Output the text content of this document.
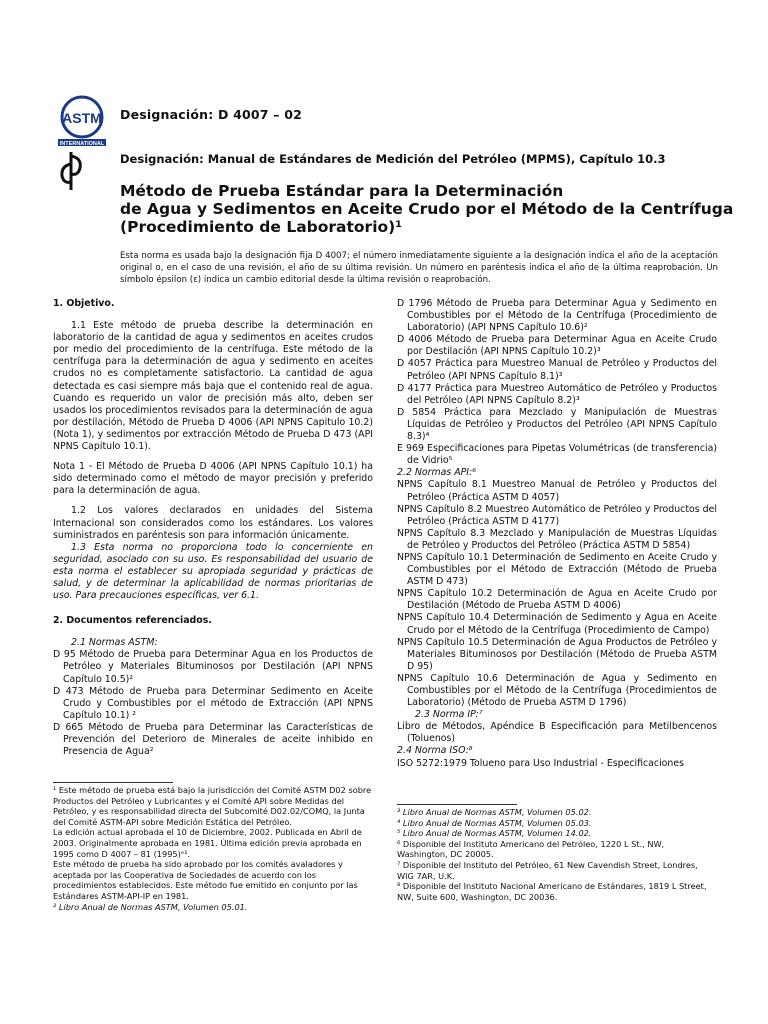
ASTM
INTERNATIONAL
Designación: D 4007 – 02
Designación: Manual de Estándares de Medición del Petróleo (MPMS), Capítulo 10.3
Método de Prueba Estándar para la Determinación
de Agua y Sedimentos en Aceite Crudo por el Método de la Centrífuga
(Procedimiento de Laboratorio)¹
Esta norma es usada bajo la designación fija D 4007; el número inmediatamente siguiente a la designación indica el año de la aceptación original o, en el caso de una revisión, el año de su última revisión. Un número en paréntesis indica el año de la última reaprobación. Un símbolo épsilon (ε) indica un cambio editorial desde la última revisión o reaprobación.

1. Objetivo.

1.1 Este método de prueba describe la determinación en laboratorio de la cantidad de agua y sedimentos en aceites crudos por medio del procedimiento de la centrífuga. Este método de la centrífuga para la determinación de agua y sedimento en aceites crudos no es completamente satisfactorio. La cantidad de agua detectada es casi siempre más baja que el contenido real de agua. Cuando es requerido un valor de precisión más alto, deben ser usados los procedimientos revisados para la determinación de agua por destilación, Método de Prueba D 4006 (API NPNS Capitulo 10.2) (Nota 1), y sedimentos por extracción Método de Prueba D 473 (API NPNS Capitulo 10.1).

Nota 1 - El Método de Prueba D 4006 (API NPNS Capítulo 10.1) ha sido determinado como el método de mayor precisión y preferido para la determinación de agua.

1.2 Los valores declarados en unidades del Sistema Internacional son considerados como los estándares. Los valores suministrados en paréntesis son para información únicamente.

1.3 Esta norma no proporciona todo lo concerniente en seguridad, asociado con su uso. Es responsabilidad del usuario de esta norma el establecer su apropiada seguridad y prácticas de salud, y de determinar la aplicabilidad de normas prioritarias de uso. Para precauciones específicas, ver 6.1.

2. Documentos referenciados.

2.1 Normas ASTM:

D 95 Método de Prueba para Determinar Agua en los Productos de Petróleo y Materiales Bituminosos por Destilación (API NPNS Capítulo 10.5)²

D 473 Método de Prueba para Determinar Sedimento en Aceite Crudo y Combustibles por el método de Extracción (API NPNS Capítulo 10.1) ²

D 665 Método de Prueba para Determinar las Características de Prevención del Deterioro de Minerales de aceite inhibido en Presencia de Agua²

D 1796 Método de Prueba para Determinar Agua y Sedimento en Combustibles por el Método de la Centrífuga (Procedimiento de Laboratorio) (API NPNS Capítulo 10.6)²

D 4006 Método de Prueba para Determinar Agua en Aceite Crudo por Destilación (API NPNS Capítulo 10.2)³

D 4057 Práctica para Muestreo Manual de Petróleo y Productos del Petróleo (API NPNS Capítulo 8.1)³

D 4177 Práctica para Muestreo Automático de Petróleo y Productos del Petróleo (API NPNS Capítulo 8.2)³

D 5854 Práctica para Mezclado y Manipulación de Muestras Líquidas de Petróleo y Productos del Petróleo (API NPNS Capítulo 8.3)⁴

E 969 Especificaciones para Pipetas Volumétricas (de transferencia) de Vidrio⁵

2.2 Normas API:⁶

NPNS Capítulo 8.1 Muestreo Manual de Petróleo y Productos del Petróleo (Práctica ASTM D 4057)

NPNS Capítulo 8.2 Muestreo Automático de Petróleo y Productos del Petróleo (Práctica ASTM D 4177)

NPNS Capítulo 8.3 Mezclado y Manipulación de Muestras Líquidas de Petróleo y Productos del Petróleo (Práctica ASTM D 5854)

NPNS Capítulo 10.1 Determinación de Sedimento en Aceite Crudo y Combustibles por el Método de Extracción (Método de Prueba ASTM D 473)

NPNS Capítulo 10.2 Determinación de Agua en Aceite Crudo por Destilación (Método de Prueba ASTM D 4006)

NPNS Capítulo 10.4 Determinación de Sedimento y Agua en Aceite Crudo por el Método de la Centrífuga (Procedimiento de Campo)

NPNS Capítulo 10.5 Determinación de Agua Productos de Petróleo y Materiales Bituminosos por Destilación (Método de Prueba ASTM D 95)

NPNS Capítulo 10.6 Determinación de Agua y Sedimento en Combustibles por el Método de la Centrífuga (Procedimientos de Laboratorio) (Método de Prueba ASTM D 1796)

2.3 Norma IP:⁷

Libro de Métodos, Apéndice B Especificación para Metilbencenos (Toluenos)

2.4 Norma ISO:⁸

ISO 5272:1979 Tolueno para Uso Industrial - Especificaciones

¹ Este método de prueba está bajo la jurisdicción del Comité ASTM D02 sobre Productos del Petróleo y Lubricantes y el Comité API sobre Medidas del Petróleo, y es responsabilidad directa del Subcomité D02.02/COMQ, la Junta del Comité ASTM-API sobre Medición Estática del Petróleo.

La edición actual aprobada el 10 de Diciembre, 2002. Publicada en Abril de 2003. Originalmente aprobada en 1981. Última edición previa aprobada en 1995 como D 4007 – 81 (1995)ᵉ¹.

Este método de prueba ha sido aprobado por los comités avaladores y aceptada por las Cooperativa de Sociedades de acuerdo con los procedimientos establecidos. Este método fue emitido en conjunto por las Estándares ASTM-API-IP en 1981.

² Libro Anual de Normas ASTM, Volumen 05.01.

³ Libro Anual de Normas ASTM, Volumen 05.02.

⁴ Libro Anual de Normas ASTM, Volumen 05.03.

⁵ Libro Anual de Normas ASTM, Volumen 14.02.

⁶ Disponible del Instituto Americano del Petróleo, 1220 L St., NW, Washington, DC 20005.

⁷ Disponible del Instituto del Petróleo, 61 New Cavendish Street, Londres, WIG 7AR, U.K.

⁸ Disponible del Instituto Nacional Americano de Estándares, 1819 L Street, NW, Suite 600, Washington, DC 20036.
